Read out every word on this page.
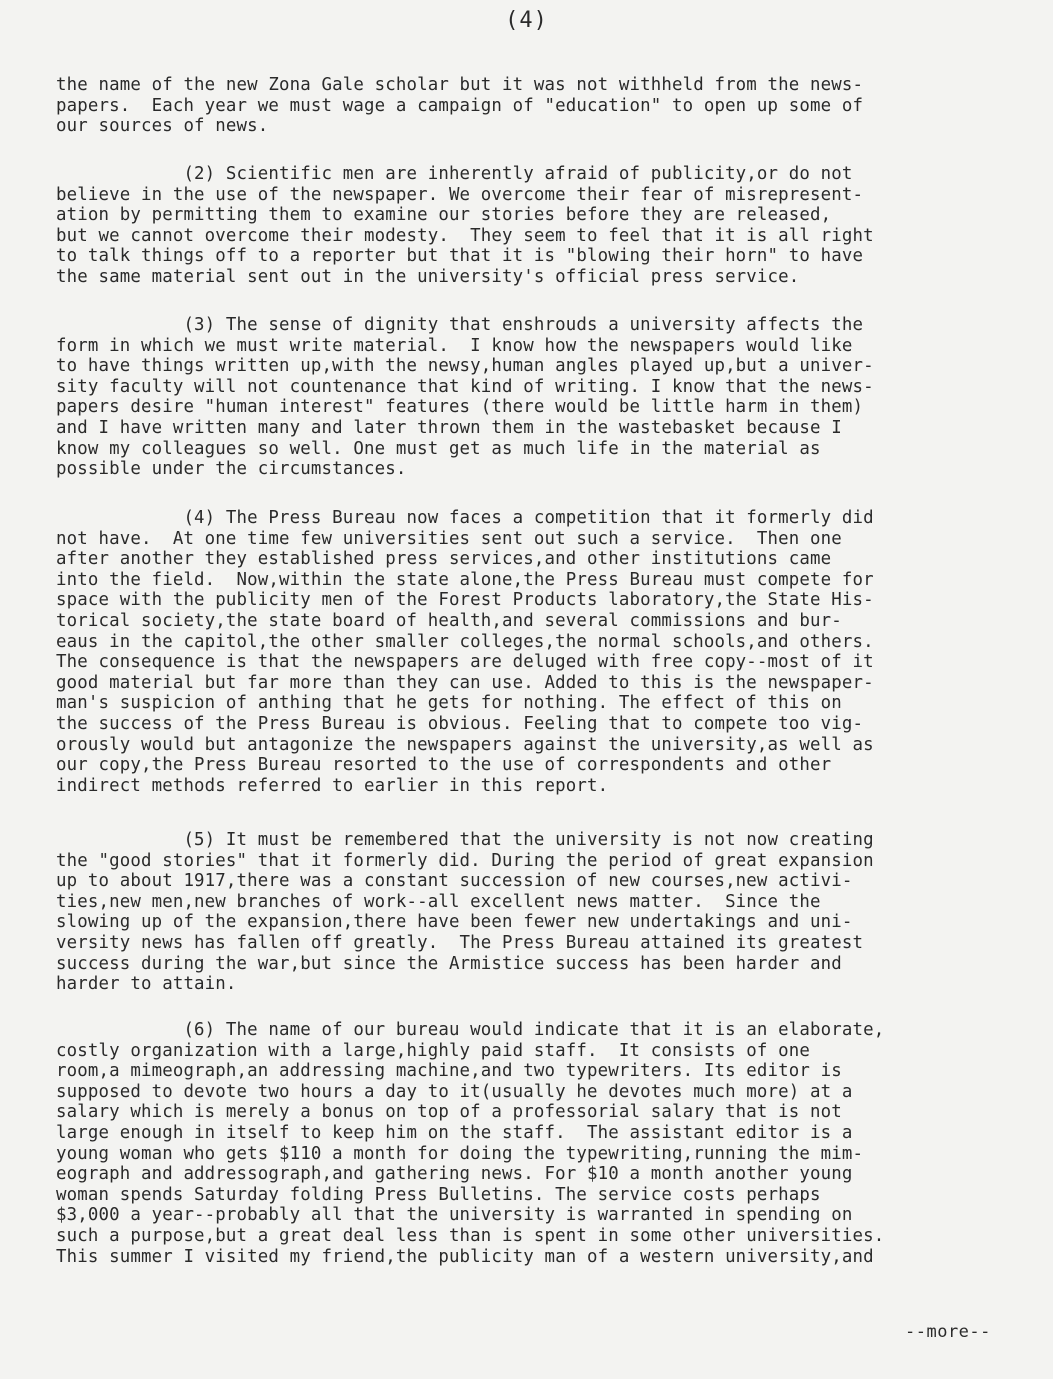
(4)

the name of the new Zona Gale scholar but it was not withheld from the news-
papers.  Each year we must wage a campaign of "education" to open up some of
our sources of news.

(2) Scientific men are inherently afraid of publicity,or do not
believe in the use of the newspaper. We overcome their fear of misrepresent-
ation by permitting them to examine our stories before they are released,
but we cannot overcome their modesty.  They seem to feel that it is all right
to talk things off to a reporter but that it is "blowing their horn" to have
the same material sent out in the university's official press service.

(3) The sense of dignity that enshrouds a university affects the
form in which we must write material.  I know how the newspapers would like
to have things written up,with the newsy,human angles played up,but a univer-
sity faculty will not countenance that kind of writing. I know that the news-
papers desire "human interest" features (there would be little harm in them)
and I have written many and later thrown them in the wastebasket because I
know my colleagues so well. One must get as much life in the material as
possible under the circumstances.

(4) The Press Bureau now faces a competition that it formerly did
not have.  At one time few universities sent out such a service.  Then one
after another they established press services,and other institutions came
into the field.  Now,within the state alone,the Press Bureau must compete for
space with the publicity men of the Forest Products laboratory,the State His-
torical society,the state board of health,and several commissions and bur-
eaus in the capitol,the other smaller colleges,the normal schools,and others.
The consequence is that the newspapers are deluged with free copy--most of it
good material but far more than they can use. Added to this is the newspaper-
man's suspicion of anthing that he gets for nothing. The effect of this on
the success of the Press Bureau is obvious. Feeling that to compete too vig-
orously would but antagonize the newspapers against the university,as well as
our copy,the Press Bureau resorted to the use of correspondents and other
indirect methods referred to earlier in this report.

(5) It must be remembered that the university is not now creating
the "good stories" that it formerly did. During the period of great expansion
up to about 1917,there was a constant succession of new courses,new activi-
ties,new men,new branches of work--all excellent news matter.  Since the
slowing up of the expansion,there have been fewer new undertakings and uni-
versity news has fallen off greatly.  The Press Bureau attained its greatest
success during the war,but since the Armistice success has been harder and
harder to attain.

(6) The name of our bureau would indicate that it is an elaborate,
costly organization with a large,highly paid staff.  It consists of one
room,a mimeograph,an addressing machine,and two typewriters. Its editor is
supposed to devote two hours a day to it(usually he devotes much more) at a
salary which is merely a bonus on top of a professorial salary that is not
large enough in itself to keep him on the staff.  The assistant editor is a
young woman who gets $110 a month for doing the typewriting,running the mim-
eograph and addressograph,and gathering news. For $10 a month another young
woman spends Saturday folding Press Bulletins. The service costs perhaps
$3,000 a year--probably all that the university is warranted in spending on
such a purpose,but a great deal less than is spent in some other universities.
This summer I visited my friend,the publicity man of a western university,and

--more--
